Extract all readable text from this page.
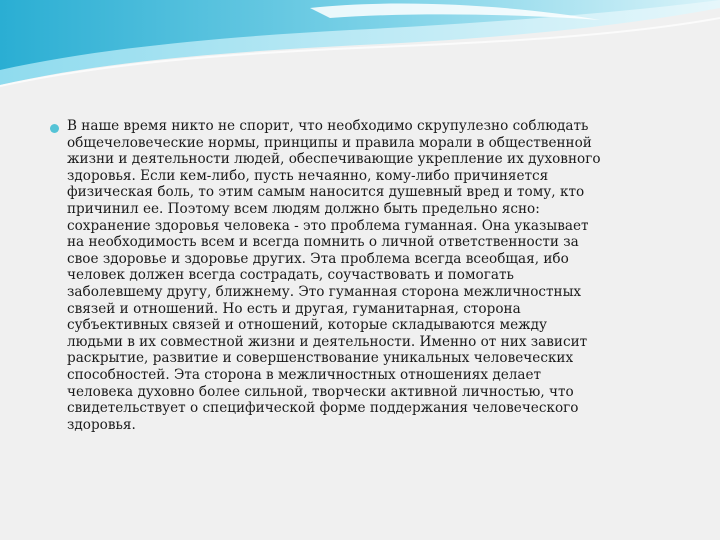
В наше время никто не спорит, что необходимо скрупулезно соблюдать
общечеловеческие нормы, принципы и правила морали в общественной
жизни и деятельности людей, обеспечивающие укрепление их духовного
здоровья. Если кем-либо, пусть нечаянно, кому-либо причиняется
физическая боль, то этим самым наносится душевный вред и тому, кто
причинил ее. Поэтому всем людям должно быть предельно ясно:
сохранение здоровья человека - это проблема гуманная. Она указывает
на необходимость всем и всегда помнить о личной ответственности за
свое здоровье и здоровье других. Эта проблема всегда всеобщая, ибо
человек должен всегда сострадать, соучаствовать и помогать
заболевшему другу, ближнему. Это гуманная сторона межличностных
связей и отношений. Но есть и другая, гуманитарная, сторона
субъективных связей и отношений, которые складываются между
людьми в их совместной жизни и деятельности. Именно от них зависит
раскрытие, развитие и совершенствование уникальных человеческих
способностей. Эта сторона в межличностных отношениях делает
человека духовно более сильной, творчески активной личностью, что
свидетельствует о специфической форме поддержания человеческого
здоровья.
